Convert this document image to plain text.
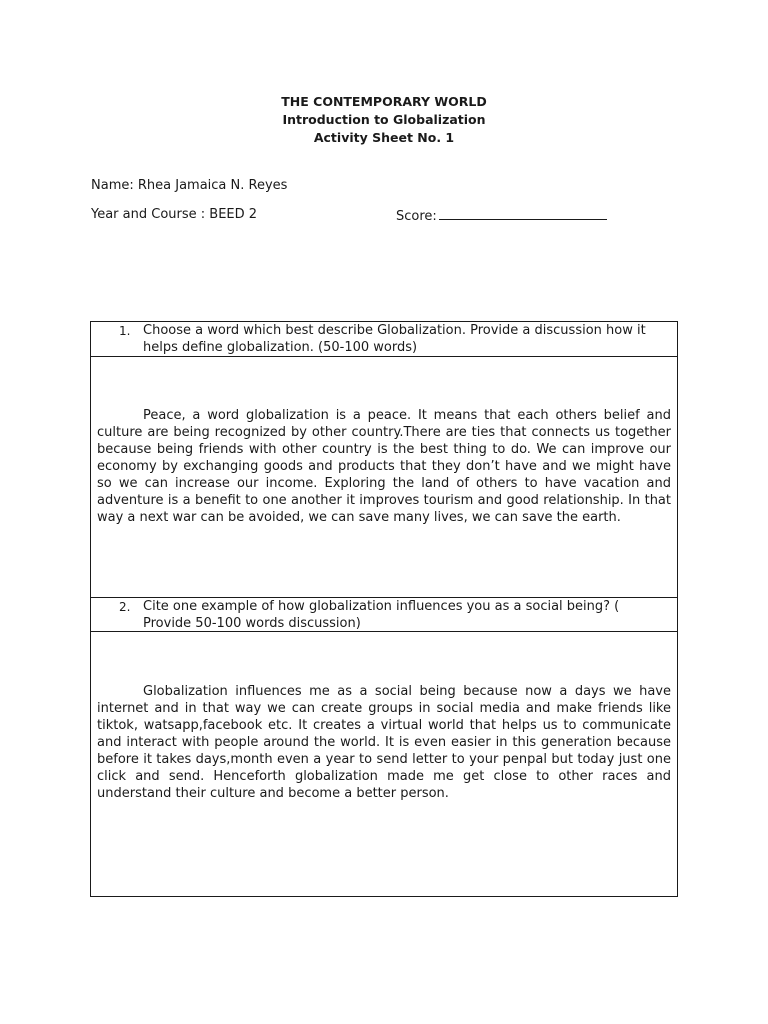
THE CONTEMPORARY WORLD
Introduction to Globalization
Activity Sheet No. 1
Name: Rhea Jamaica N. Reyes
Year and Course : BEED 2	Score:
1. Choose a word which best describe Globalization. Provide a discussion how it helps define globalization. (50-100 words)

Peace, a word globalization is a peace. It means that each others belief and culture are being recognized by other country.There are ties that connects us together because being friends with other country is the best thing to do. We can improve our economy by exchanging goods and products that they don’t have and we might have so we can increase our income. Exploring the land of others to have vacation and adventure is a benefit to one another it improves tourism and good relationship. In that way a next war can be avoided, we can save many lives, we can save the earth.

2. Cite one example of how globalization influences you as a social being? ( Provide 50-100 words discussion)

Globalization influences me as a social being because now a days we have internet and in that way we can create groups in social media and make friends like tiktok, watsapp,facebook etc. It creates a virtual world that helps us to communicate and interact with people around the world. It is even easier in this generation because before it takes days,month even a year to send letter to your penpal but today just one click and send. Henceforth globalization made me get close to other races and understand their culture and become a better person.
